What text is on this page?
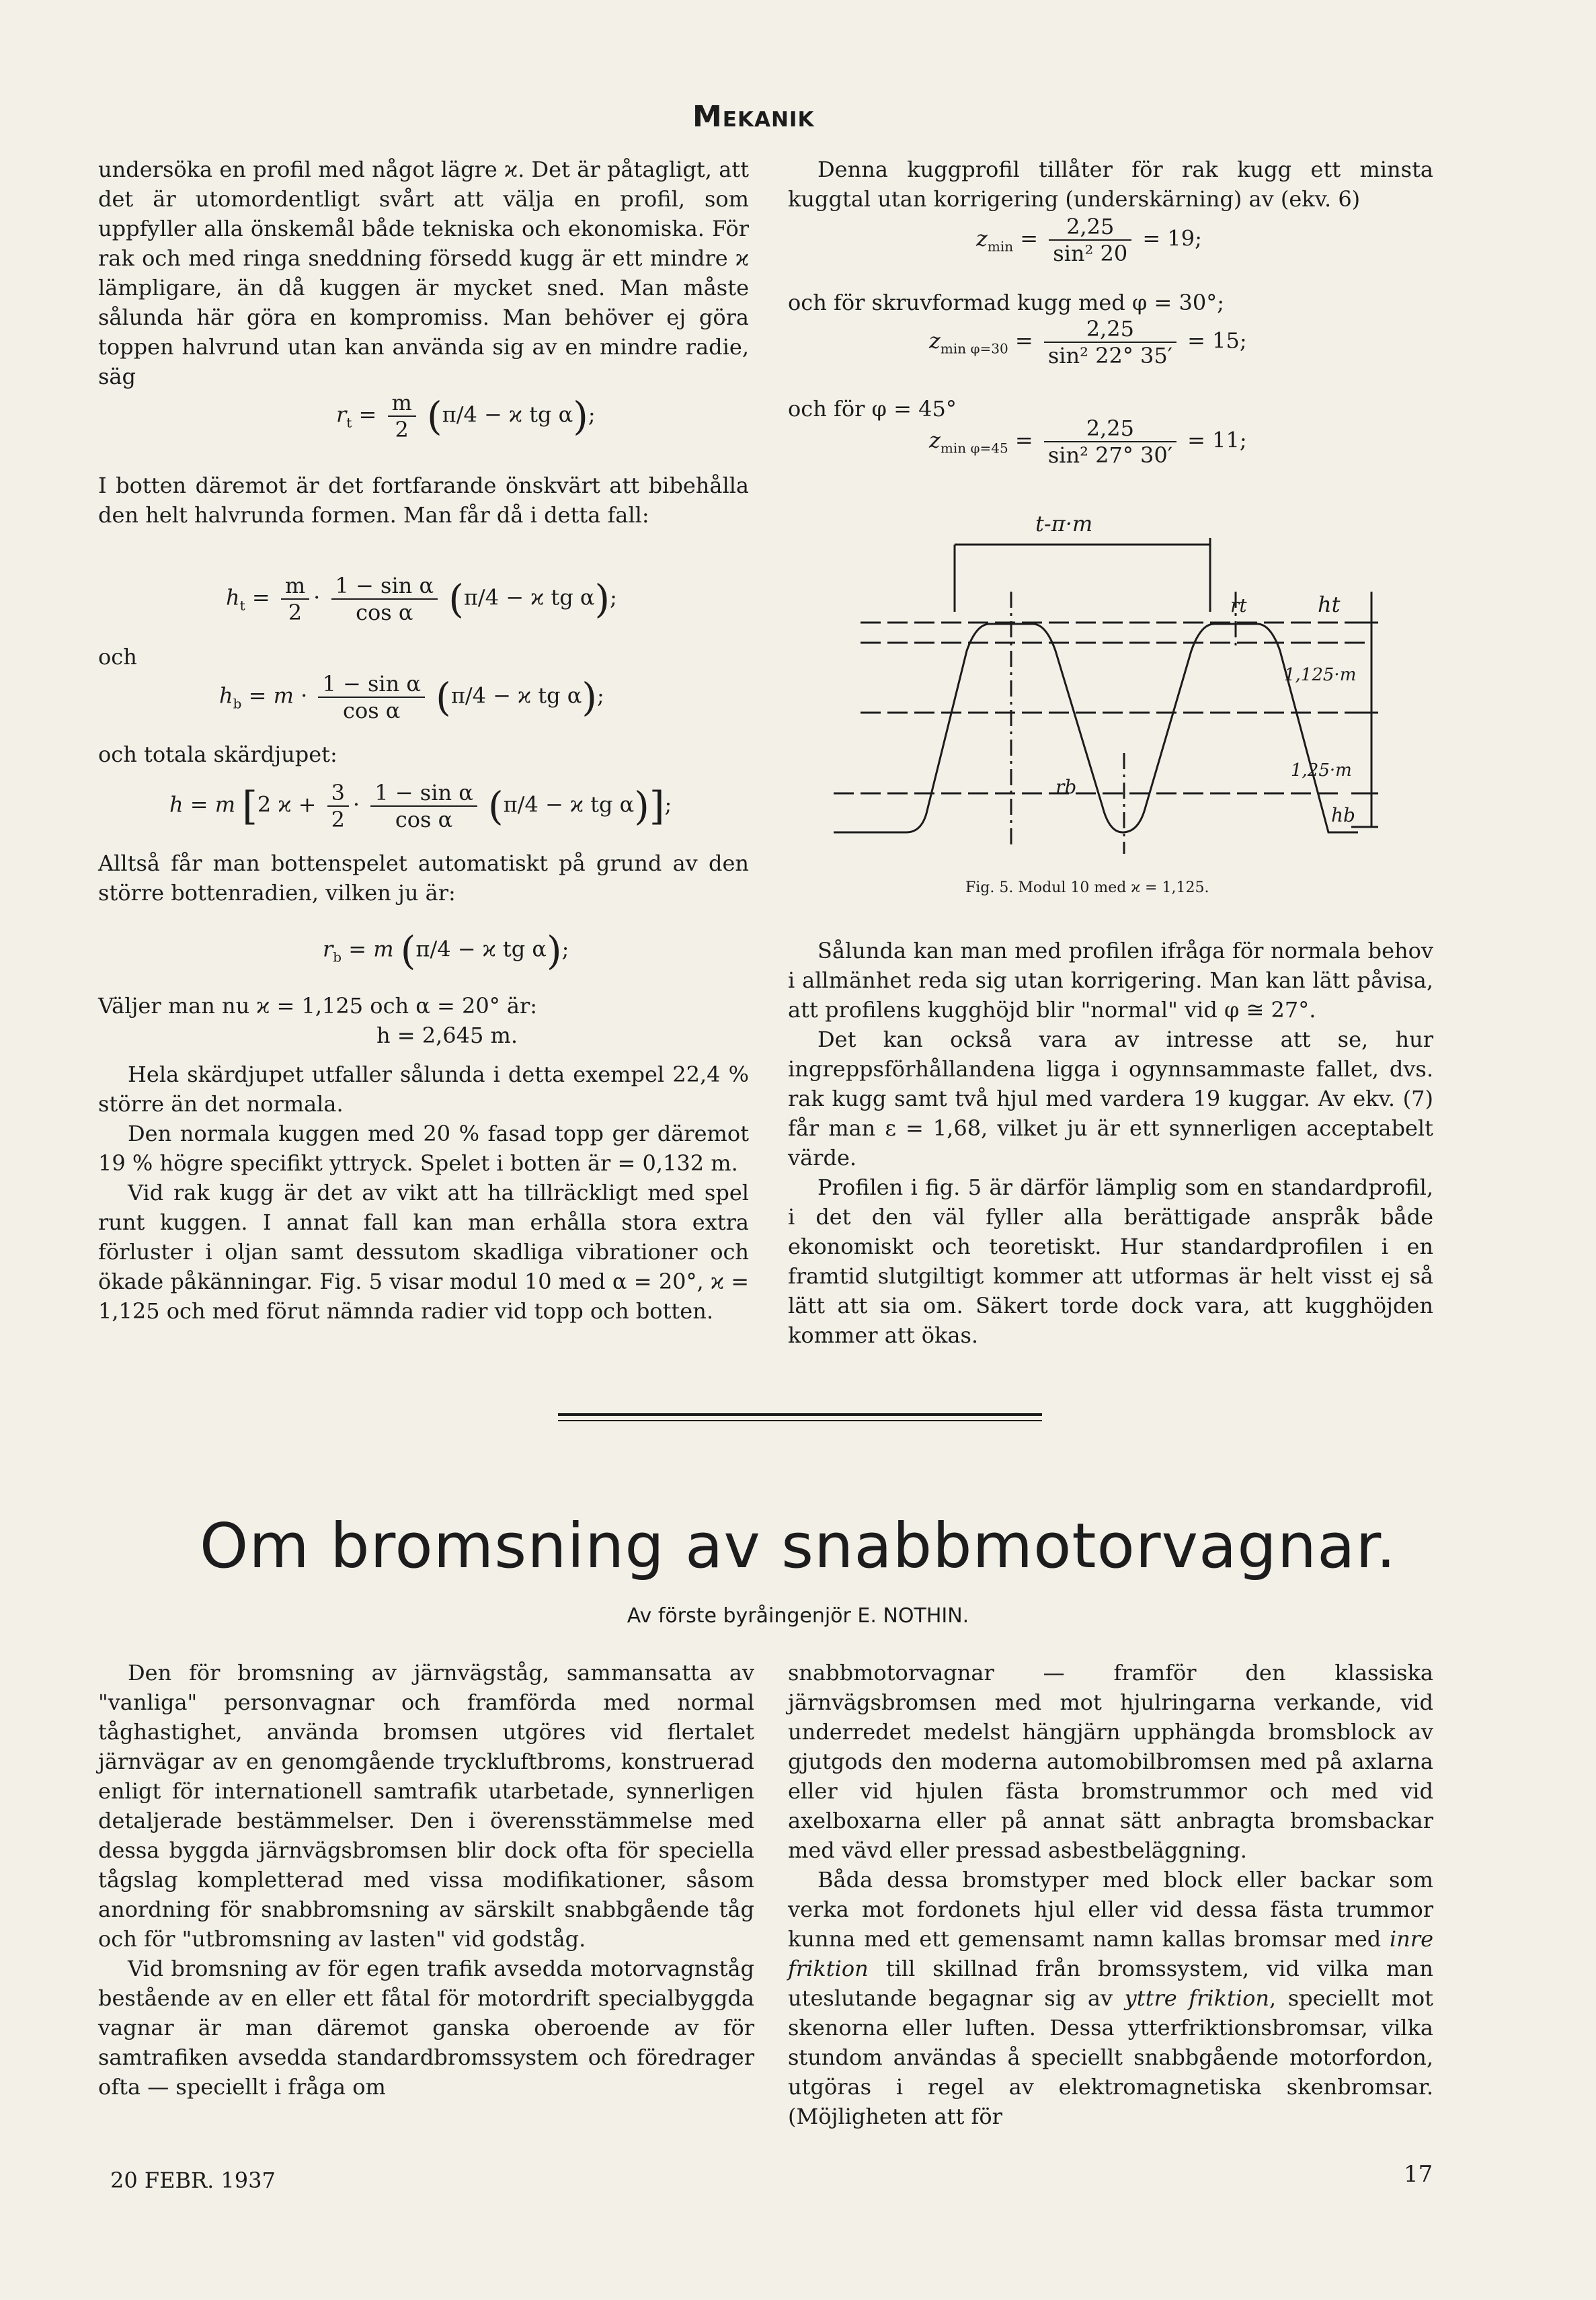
Mekanik

undersöka en profil med något lägre ϰ. Det är påtagligt, att det är utomordentligt svårt att välja en profil, som uppfyller alla önskemål både tekniska och ekonomiska. För rak och med ringa sneddning försedd kugg är ett mindre ϰ lämpligare, än då kuggen är mycket sned. Man måste sålunda här göra en kompromiss. Man behöver ej göra toppen halvrund utan kan använda sig av en mindre radie, säg

$r_t = \frac{m}{2} (\pi/4 - ϰ$ tg α);

I botten däremot är det fortfarande önskvärt att bibehålla den helt halvrunda formen. Man får då i detta fall:

$h_t = \frac{m}{2} \cdot \frac{\text{1 − sin α}}{\text{cos α}} (\pi/4 - ϰ$ tg α);
och
$h_b = m \cdot \frac{\text{1 − sin α}}{\text{cos α}} (\pi/4 - ϰ$ tg α);
och totala skärdjupet:
h = m [2 $ϰ + \frac{3}{2} \cdot \frac{\text{1 − sin α}}{\text{cos α}} (\pi/4 - ϰ$ tg α)];

Alltså får man bottenspelet automatiskt på grund av den större bottenradien, vilken ju är:

$r_b = m$ (π/4 − ϰ tg α);

Väljer man nu ϰ = 1,125 och α = 20° är:

h = 2,645 m.

Hela skärdjupet utfaller sålunda i detta exempel 22,4 % större än det normala.

Den normala kuggen med 20 % fasad topp ger däremot 19 % högre specifikt yttryck. Spelet i botten är = 0,132 m.

Vid rak kugg är det av vikt att ha tillräckligt med spel runt kuggen. I annat fall kan man erhålla stora extra förluster i oljan samt dessutom skadliga vibrationer och ökade påkänningar. Fig. 5 visar modul 10 med α = 20°, ϰ = 1,125 och med förut nämnda radier vid topp och botten.

Denna kuggprofil tillåter för rak kugg ett minsta kuggtal utan korrigering (underskärning) av (ekv. 6)

$z_{min} = \frac{2,25}{\text{sin² 20}} = 19$;
och för skruvformad kugg med φ = 30°;
$z_{min \varphi=30} = \frac{2,25}{\text{sin² 22° 35′}} = 15$;
och för φ = 45°
$z_{min \varphi=45} = \frac{2,25}{\text{sin² 27° 30′}} = 11$;
t-π·m
rt	ht
1,125·m
1,25·m
rb
hb
Fig. 5. Modul 10 med ϰ = 1,125.

Sålunda kan man med profilen ifråga för normala behov i allmänhet reda sig utan korrigering. Man kan lätt påvisa, att profilens kugghöjd blir "normal" vid φ ≅ 27°.

Det kan också vara av intresse att se, hur ingreppsförhållandena ligga i ogynnsammaste fallet, dvs. rak kugg samt två hjul med vardera 19 kuggar. Av ekv. (7) får man ε = 1,68, vilket ju är ett synnerligen acceptabelt värde.

Profilen i fig. 5 är därför lämplig som en standardprofil, i det den väl fyller alla berättigade anspråk både ekonomiskt och teoretiskt. Hur standardprofilen i en framtid slutgiltigt kommer att utformas är helt visst ej så lätt att sia om. Säkert torde dock vara, att kugghöjden kommer att ökas.

Om bromsning av snabbmotorvagnar.
Av förste byråingenjör E. NOTHIN.

Den för bromsning av järnvägståg, sammansatta av "vanliga" personvagnar och framförda med normal tåghastighet, använda bromsen utgöres vid flertalet järnvägar av en genomgående tryckluftbroms, konstruerad enligt för internationell samtrafik utarbetade, synnerligen detaljerade bestämmelser. Den i överensstämmelse med dessa byggda järnvägsbromsen blir dock ofta för speciella tågslag kompletterad med vissa modifikationer, såsom anordning för snabbromsning av särskilt snabbgående tåg och för "utbromsning av lasten" vid godståg.

Vid bromsning av för egen trafik avsedda motorvagnståg bestående av en eller ett fåtal för motordrift specialbyggda vagnar är man däremot ganska oberoende av för samtrafiken avsedda standardbromssystem och föredrager ofta — speciellt i fråga om

snabbmotorvagnar — framför den klassiska järnvägsbromsen med mot hjulringarna verkande, vid underredet medelst hängjärn upphängda bromsblock av gjutgods den moderna automobilbromsen med på axlarna eller vid hjulen fästa bromstrummor och med vid axelboxarna eller på annat sätt anbragta bromsbackar med vävd eller pressad asbestbeläggning.

Båda dessa bromstyper med block eller backar som verka mot fordonets hjul eller vid dessa fästa trummor kunna med ett gemensamt namn kallas bromsar med inre friktion till skillnad från bromssystem, vid vilka man uteslutande begagnar sig av yttre friktion, speciellt mot skenorna eller luften. Dessa ytterfriktionsbromsar, vilka stundom användas å speciellt snabbgående motorfordon, utgöras i regel av elektromagnetiska skenbromsar. (Möjligheten att för

20 FEBR. 1937	17
